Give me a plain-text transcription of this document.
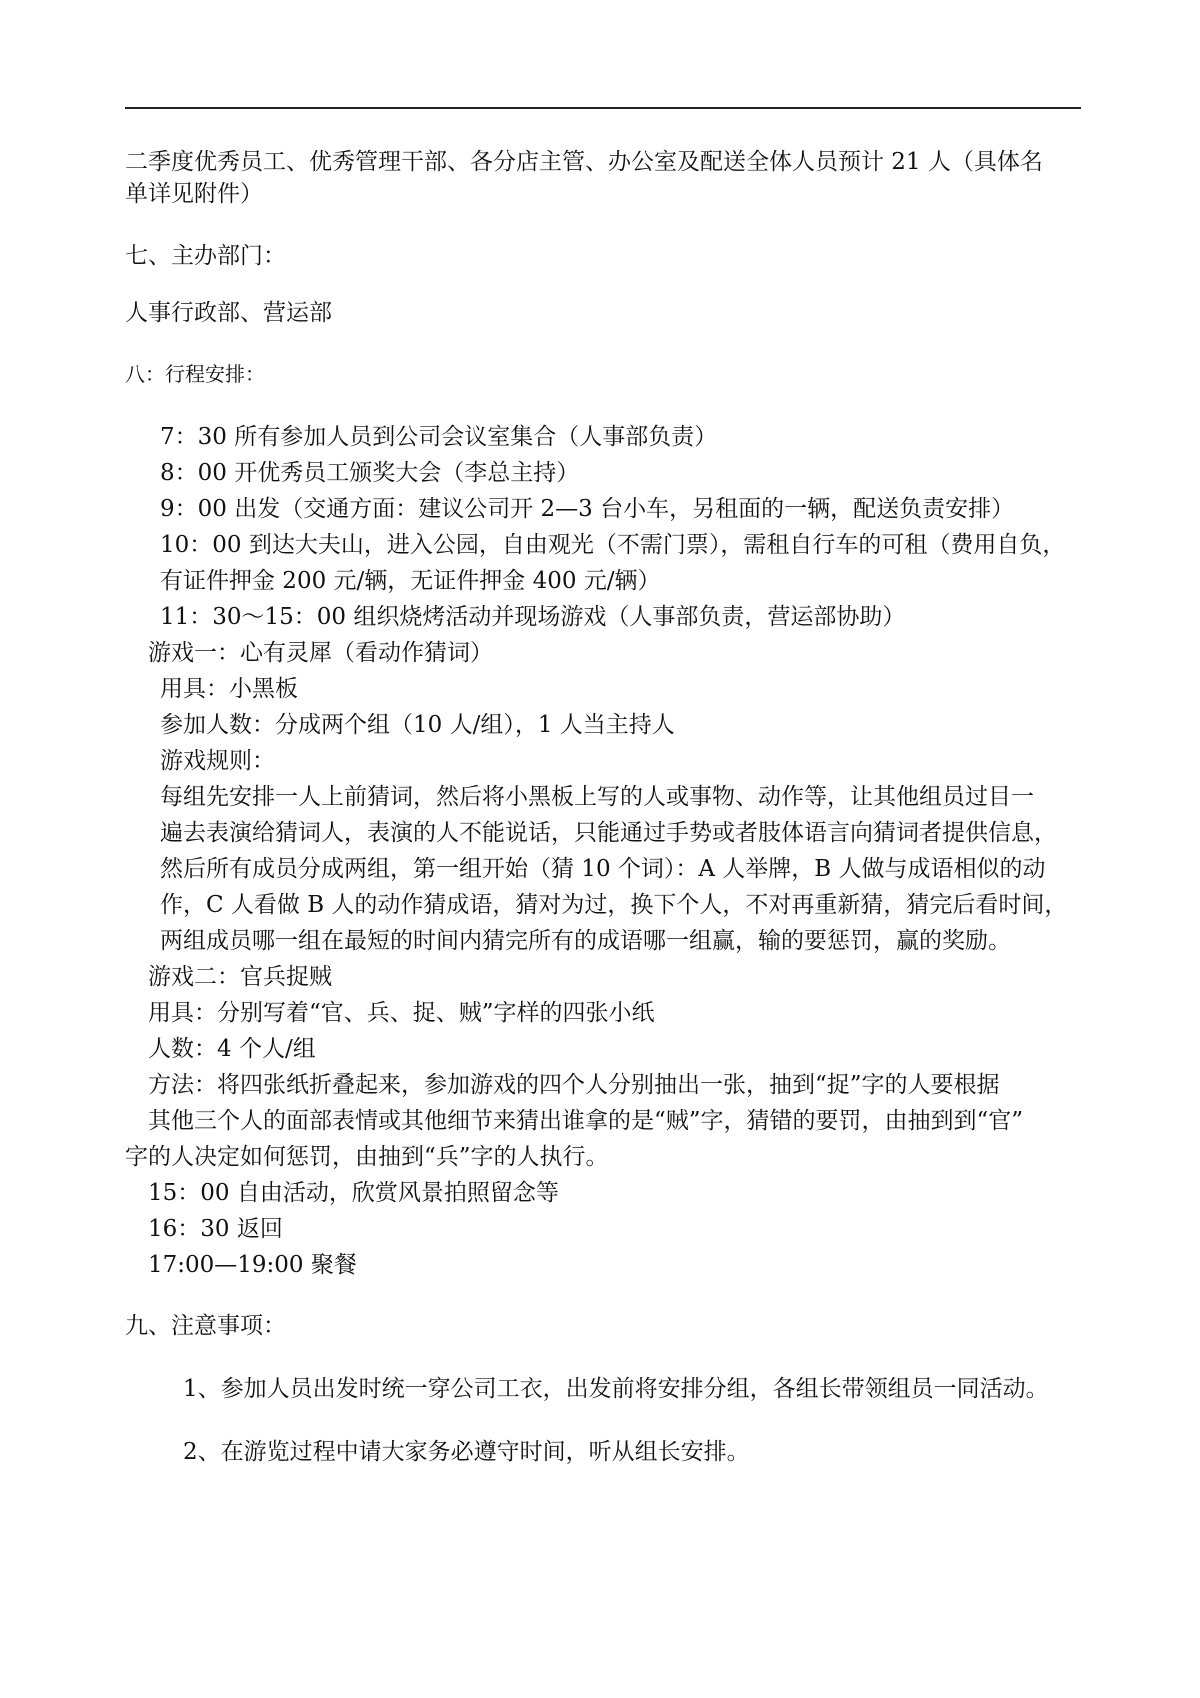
二季度优秀员工、优秀管理干部、各分店主管、办公室及配送全体人员预计 21 人（具体名
单详见附件）
七、主办部门：
人事行政部、营运部
八：行程安排：
7：30 所有参加人员到公司会议室集合（人事部负责）
8：00 开优秀员工颁奖大会（李总主持）
9：00 出发（交通方面：建议公司开 2—3 台小车，另租面的一辆，配送负责安排）
10：00 到达大夫山，进入公园，自由观光（不需门票），需租自行车的可租（费用自负，
有证件押金 200 元/辆，无证件押金 400 元/辆）
11：30～15：00 组织烧烤活动并现场游戏（人事部负责，营运部协助）
游戏一：心有灵犀（看动作猜词）
用具：小黑板
参加人数：分成两个组（10 人/组），1 人当主持人
游戏规则：
每组先安排一人上前猜词，然后将小黑板上写的人或事物、动作等，让其他组员过目一
遍去表演给猜词人，表演的人不能说话，只能通过手势或者肢体语言向猜词者提供信息，
然后所有成员分成两组，第一组开始（猜 10 个词）：A 人举牌，B 人做与成语相似的动
作，C 人看做 B 人的动作猜成语，猜对为过，换下个人，不对再重新猜，猜完后看时间，
两组成员哪一组在最短的时间内猜完所有的成语哪一组赢，输的要惩罚，赢的奖励。
游戏二：官兵捉贼
用具：分别写着“官、兵、捉、贼”字样的四张小纸
人数：4 个人/组
方法：将四张纸折叠起来，参加游戏的四个人分别抽出一张，抽到“捉”字的人要根据
其他三个人的面部表情或其他细节来猜出谁拿的是“贼”字，猜错的要罚，由抽到到“官”
字的人决定如何惩罚，由抽到“兵”字的人执行。
15：00 自由活动，欣赏风景拍照留念等
16：30 返回
17:00—19:00 聚餐
九、注意事项：
1、参加人员出发时统一穿公司工衣，出发前将安排分组，各组长带领组员一同活动。
2、在游览过程中请大家务必遵守时间，听从组长安排。
